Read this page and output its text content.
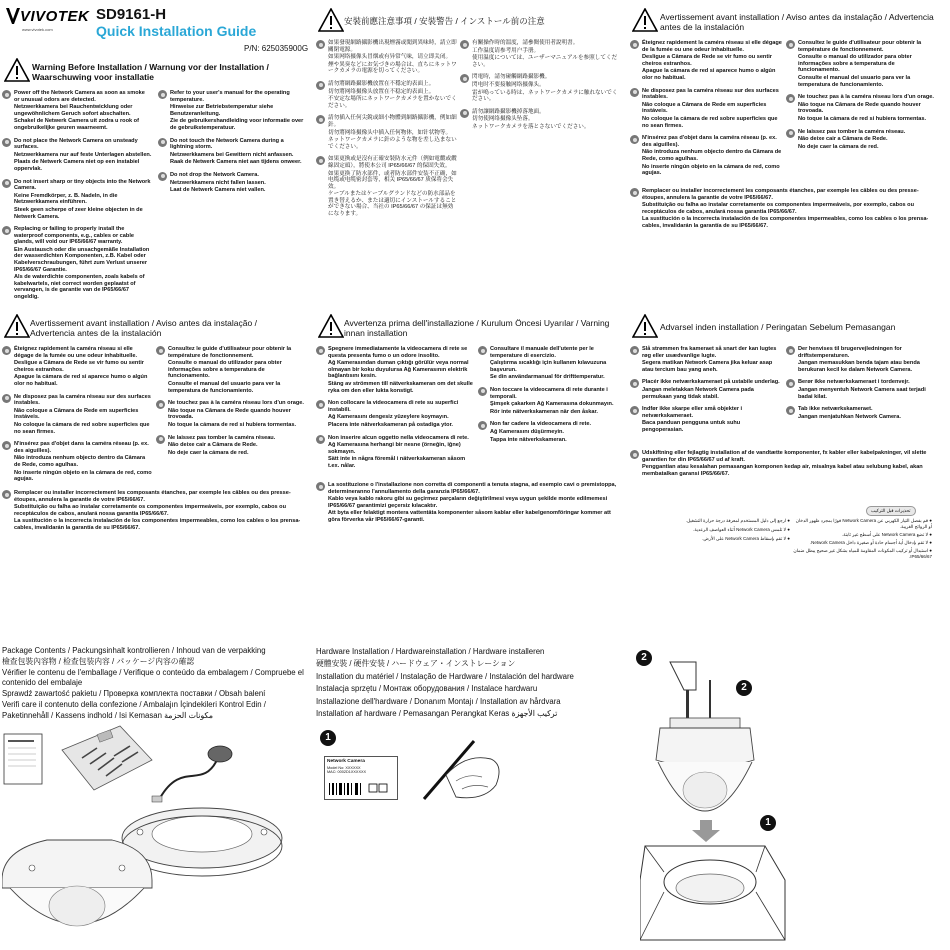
VIVOTEK
www.vivotek.com
SD9161-H
Quick Installation Guide
P/N: 625035900G
Warning Before Installation / Warnung vor der Installation / Waarschuwing voor installatie

Power off the Network Camera as soon as smoke or unusual odors are detected.

Netzwerkkamera bei Rauchentwicklung oder ungewöhnlichem Geruch sofort abschalten.

Schakel de Netwerk Camera uit zodra u rook of ongebruikelijke geuren waarneemt.

Do not place the Network Camera on unsteady surfaces.

Netzwerkkamera nur auf feste Unterlagen abstellen.

Plaats de Netwerk Camera niet op een instabiel oppervlak.

Do not insert sharp or tiny objects into the Network Camera.

Keine Fremdkörper, z. B. Nadeln, in die Netzwerkkamera einführen.

Steek geen scherpe of zeer kleine objecten in de Netwerk Camera.

Replacing or failing to properly install the waterproof components, e.g., cables or cable glands, will void our IP65/66/67 warranty.

Ein Austausch oder die unsachgemäße Installation der wasserdichten Komponenten, z.B. Kabel oder Kabelverschraubungen, führt zum Verlust unserer IP65/66/67 Garantie.

Als de waterdichte componenten, zoals kabels of kabelwartels, niet correct worden geplaatst of vervangen, is de garantie van de IP65/66/67 ongeldig.

Refer to your user's manual for the operating temperature.

Hinweise zur Betriebstemperatur siehe Benutzeranleitung.

Zie de gebruikershandleiding voor informatie over de gebruikstemperatuur.

Do not touch the Network Camera during a lightning storm.

Netzwerkkamera bei Gewittern nicht anfassen.

Raak de Netwerk Camera niet aan tijdens onweer.

Do not drop the Network Camera.

Netzwerkkamera nicht fallen lassen.

Laat de Netwerk Camera niet vallen.

安裝前應注意事項 / 安裝警告 / インストール前の注意

如果發現網路攝影機出現煙霧或聞到異味時，請立即關閉電源。

如果网络摄像头冒烟或有异常气味，请立即关闭。

煙や異臭などにお気づきの場合は、直ちにネットワークカメラの電源を切ってください。

請勿將網路攝影機放置在不穩定的表面上。

切勿將网络摄像头放置在不稳定的表面上。

不安定な場所にネットワークカメラを置かないでください。

請勿插入任何尖銳或細小物體到網路攝影機，例如細針。

切勿將网络摄像头中插入任何物体，如针状物等。

ネットワークカメラに針のような物を差し込まないでください。

如果更換或是沒有正確安裝防水元件（例如電纜或纜線固定頭），將使本公司 IP65/66/67 的保固失效。

如果更换了防水部件，或者防水部件安装不正确，如电缆或电缆密封套等，相关 IP65/66/67 质保将会失效。

ケーブルまたはケーブルグランドなどの防水部品を置き替えるか、または適切にインストールすることができない場合、当社の IP65/66/67 の保証は無効になります。

有關操作時的溫度，請參閱使用者說明書。

工作温度请参考用户手册。

使用温度については、ユーザーマニュアルを参照してください。

閃電時，請勿碰觸網路攝影機。

閃电时不要接触网络摄像头。

雷が鳴っている時は、ネットワークカメラに触れないでください。

請勿讓網路攝影機掉落地面。

切勿使网络摄像头坠落。

ネットワークカメラを落とさないでください。

Avertissement avant installation / Aviso antes da instalação / Advertencia antes de la instalación

Éteignez rapidement la caméra réseau si elle dégage de la fumée ou une odeur inhabituelle.

Desligue a Câmara de Rede se vir fumo ou sentir cheiros estranhos.

Apague la cámara de red si aparece humo o algún olor no habitual.

Ne disposez pas la caméra réseau sur des surfaces instables.

Não coloque a Câmara de Rede em superficies instáveis.

No coloque la cámara de red sobre superficies que no sean firmes.

N'insérez pas d'objet dans la caméra réseau (p. ex. des aiguilles).

Não introduza nenhum objecto dentro da Câmara de Rede, como agulhas.

No inserte ningún objeto en la cámara de red, como agujas.

Consultez le guide d'utilisateur pour obtenir la température de fonctionnement.

Consulte o manual do utilizador para obter informações sobre a temperatura de funcionamento.

Consulte el manual del usuario para ver la temperatura de funcionamiento.

Ne touchez pas à la caméra réseau lors d'un orage.

Não toque na Câmara de Rede quando houver trovoada.

No toque la cámara de red si hubiera tormentas.

Ne laissez pas tomber la caméra réseau.

Não deixe cair a Câmara de Rede.

No deje caer la cámara de red.

Remplacer ou installer incorrectement les composants étanches, par exemple les câbles ou des presse-étoupes, annulera la garantie de votre IP65/66/67.

Substituição ou falha ao instalar corretamente os componentes impermeáveis, por exemplo, cabos ou receptáculos de cabos, anulará nossa garantia IP65/66/67.

La sustitución o la incorrecta instalación de los componentes impermeables, como los cables o los prensa-cables, invalidarán la garantía de su IP65/66/67.

Avertissement avant installation / Aviso antes da instalação / Advertencia antes de la instalación

Éteignez rapidement la caméra réseau si elle dégage de la fumée ou une odeur inhabituelle.

Desligue a Câmara de Rede se vir fumo ou sentir cheiros estranhos.

Apague la cámara de red si aparece humo o algún olor no habitual.

Ne disposez pas la caméra réseau sur des surfaces instables.

Não coloque a Câmara de Rede em superficies instáveis.

No coloque la cámara de red sobre superficies que no sean firmes.

N'insérez pas d'objet dans la caméra réseau (p. ex. des aiguilles).

Não introduza nenhum objecto dentro da Câmara de Rede, como agulhas.

No inserte ningún objeto en la cámara de red, como agujas.

Consultez le guide d'utilisateur pour obtenir la température de fonctionnement.

Consulte o manual do utilizador para obter informações sobre a temperatura de funcionamento.

Consulte el manual del usuario para ver la temperatura de funcionamiento.

Ne touchez pas à la caméra réseau lors d'un orage.

Não toque na Câmara de Rede quando houver trovoada.

No toque la cámara de red si hubiera tormentas.

Ne laissez pas tomber la caméra réseau.

Não deixe cair a Câmara de Rede.

No deje caer la cámara de red.

Remplacer ou installer incorrectement les composants étanches, par exemple les câbles ou des presse-étoupes, annulera la garantie de votre IP65/66/67.

Substituição ou falha ao instalar corretamente os componentes impermeáveis, por exemplo, cabos ou receptáculos de cabos, anulará nossa garantia IP65/66/67.

La sustitución o la incorrecta instalación de los componentes impermeables, como los cables o los prensa-cables, invalidarán la garantía de su IP65/66/67.

Avvertenza prima dell'installazione / Kurulum Öncesi Uyarılar / Varning innan installation

Spegnere immediatamente la videocamera di rete se questa presenta fumo o un odore insolito.

Ağ Kamerasından duman çıktığı görülür veya normal olmayan bir koku duyulursa Ağ Kamerasının elektrik bağlantısını kesin.

Stäng av strömmen till nätverkskameran om det skulle ryka om den eller lukta konstigt.

Non collocare la videocamera di rete su superfici instabili.

Ağ Kamerasını dengesiz yüzeylere koymayın.

Placera inte nätverkskameran på ostadiga ytor.

Non inserire alcun oggetto nella videocamera di rete.

Ağ Kamerasına herhangi bir nesne (örneğin, iğne) sokmayın.

Sätt inte in några föremål i nätverkskameran såsom t.ex. nålar.

Consultare il manuale dell'utente per le temperature di esercizio.

Çalıştırma sıcaklığı için kullanım kılavuzuna başvurun.

Se din användarmanual för drifttemperatur.

Non toccare la videocamera di rete durante i temporali.

Şimşek çakarken Ağ Kamerasına dokunmayın.

Rör inte nätverkskameran när den åskar.

Non far cadere la videocamera di rete.

Ağ Kamerasını düşürmeyin.

Tappa inte nätverkskameran.

La sostituzione o l'installazione non corretta di componenti a tenuta stagna, ad esempio cavi o premistoppa, determineranno l'annullamento della garanzia IP65/66/67.

Kablo veya kablo rakoru gibi su geçirmez parçaların değiştirilmesi veya uygun şekilde monte edilmemesi IP65/66/67 garantimizi geçersiz kılacaktır.

Att byta eller felaktigt montera vattentäta komponenter såsom kablar eller kabelgenomföringar kommer att göra förverka vår IP65/66/67-garanti.

Advarsel inden installation / Peringatan Sebelum Pemasangan

Slå strømmen fra kameraet så snart der kan lugtes røg eller usædvanlige lugte.

Segera matikan Network Camera jika keluar asap atau tercium bau yang aneh.

Placér ikke netværkskameraet på ustabile underlag.

Jangan meletakkan Network Camera pada permukaan yang tidak stabil.

Indfør ikke skarpe eller små objekter i netværkskameraet.

Baca panduan pengguna untuk suhu pengoperasian.

Der henvises til brugervejledningen for driftstemperaturen.

Jangan memasukkan benda tajam atau benda berukuran kecil ke dalam Network Camera.

Berør ikke netværkskameraet i tordenvejr.

Jangan menyentuh Network Camera saat terjadi badai kilat.

Tab ikke netværkskameraet.

Jangan menjatuhkan Network Camera.

Udskiftning eller fejlagtig installation af de vandtætte komponenter, fx kabler eller kabelpakninger, vil slette garantien for din IP65/66/67 ud af kraft.

Penggantian atau kesalahan pemasangan komponen kedap air, misalnya kabel atau selubung kabel, akan membatalkan garansi IP65/66/67.

تحذيرات قبل التركيب
● قم بفصل التيار الكهربي عن Network Camera فورًا بمجرد ظهور الدخان أو الروائح الغريبة.
● لا تضع Network Camera على أسطح غير ثابتة.
● لا تقم بإدخال أية أجسام حادة أو صغيرة داخل Network Camera.
● استبدال أو تركيب المكونات المقاومة للمياه بشكل غير صحيح يبطل ضمان IP65/66/67.
● ارجع إلى دليل المستخدم لمعرفة درجة حرارة التشغيل.
● لا تلمس Network Camera أثناء العواصف الرعدية.
● لا تقم بإسقاط Network Camera على الأرض.
Package Contents / Packungsinhalt kontrollieren / Inhoud van de verpakking
檢查包裝內容物 / 检查包装内容 / パッケージ内容の確認
Vérifier le contenu de l'emballage / Verifique o conteúdo da embalagem / Compruebe el contenido del embalaje
Sprawdź zawartość pakietu / Проверка комплекта поставки / Obsah balení
Verifi care il contenuto della confezione / Ambalajın İçindekileri Kontrol Edin / Paketinnehåll / Kassens indhold / Isi Kemasan مكونات الحزمة
Hardware Installation / Hardwareinstallation / Hardware installeren
硬體安裝 / 硬件安装 / ハードウェア・インストレーション
Installation du matériel / Instalação de Hardware / Instalación del hardware
Instalacja sprzętu / Монтаж оборудования / Instalace hardwaru
Installazione dell'hardware / Donanım Montajı / Installation av hårdvara
Installation af hardware / Pemasangan Perangkat Keras تركيب الأجهزة
1
Network Camera
Model No: XXXXXX
MAC: 0002D1XXXXXX
2
2
1
